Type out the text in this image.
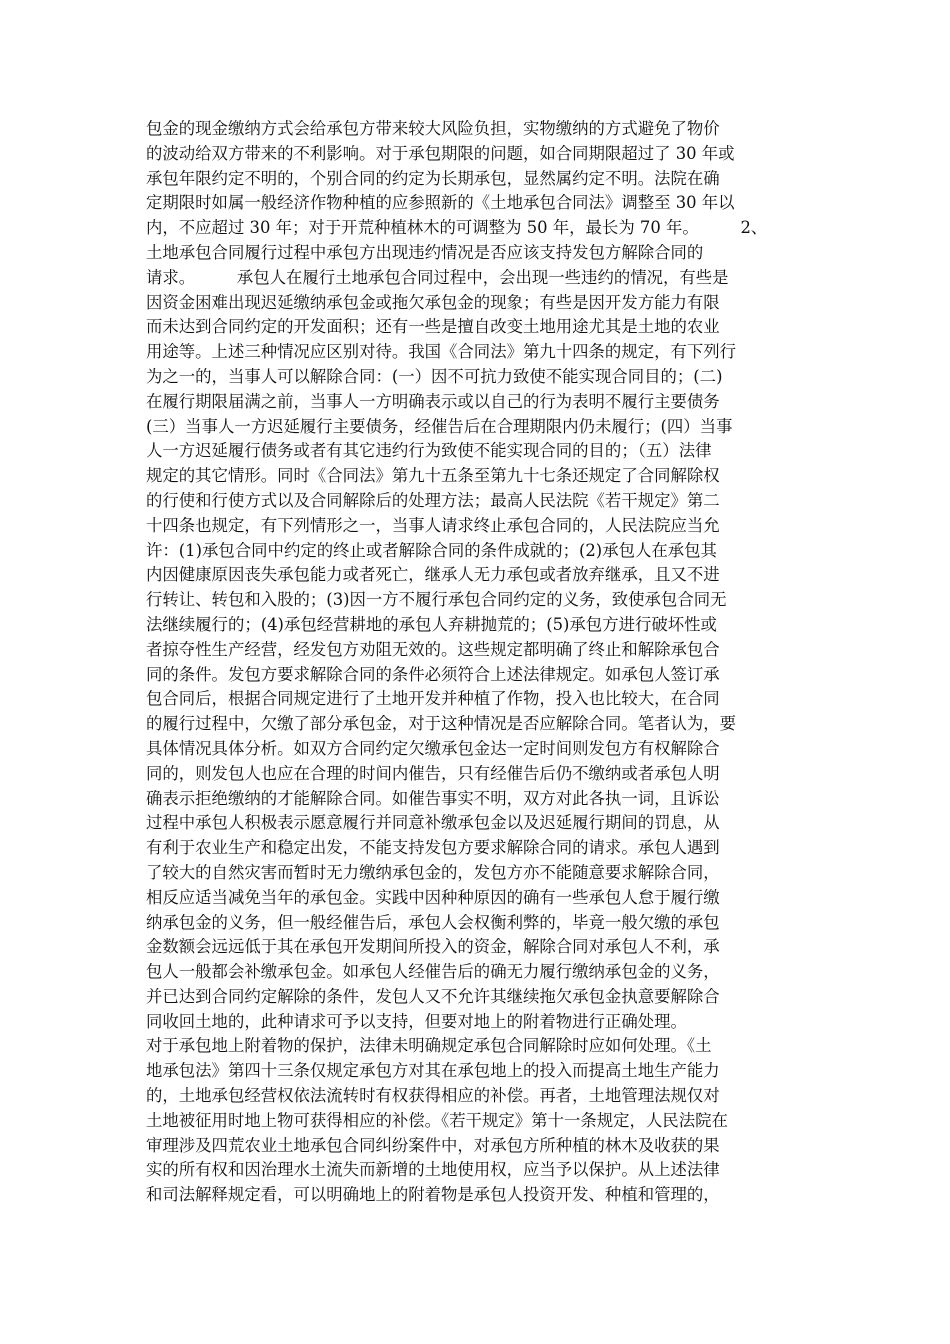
包金的现金缴纳方式会给承包方带来较大风险负担，实物缴纳的方式避免了物价
的波动给双方带来的不利影响。对于承包期限的问题，如合同期限超过了 30 年或
承包年限约定不明的，个别合同的约定为长期承包，显然属约定不明。法院在确
定期限时如属一般经济作物种植的应参照新的《土地承包合同法》调整至 30 年以
内，不应超过 30 年；对于开荒种植林木的可调整为 50 年，最长为 70 年。        2、
土地承包合同履行过程中承包方出现违约情况是否应该支持发包方解除合同的
请求。        承包人在履行土地承包合同过程中，会出现一些违约的情况，有些是
因资金困难出现迟延缴纳承包金或拖欠承包金的现象；有些是因开发方能力有限
而未达到合同约定的开发面积；还有一些是擅自改变土地用途尤其是土地的农业
用途等。上述三种情况应区别对待。我国《合同法》第九十四条的规定，有下列行
为之一的，当事人可以解除合同：(一）因不可抗力致使不能实现合同目的；(二)
在履行期限届满之前，当事人一方明确表示或以自己的行为表明不履行主要债务
(三）当事人一方迟延履行主要债务，经催告后在合理期限内仍未履行；(四）当事
人一方迟延履行债务或者有其它违约行为致使不能实现合同的目的；（五）法律
规定的其它情形。同时《合同法》第九十五条至第九十七条还规定了合同解除权
的行使和行使方式以及合同解除后的处理方法；最高人民法院《若干规定》第二
十四条也规定，有下列情形之一，当事人请求终止承包合同的，人民法院应当允
许：(1)承包合同中约定的终止或者解除合同的条件成就的；(2)承包人在承包其
内因健康原因丧失承包能力或者死亡，继承人无力承包或者放弃继承，且又不进
行转让、转包和入股的；(3)因一方不履行承包合同约定的义务，致使承包合同无
法继续履行的；(4)承包经营耕地的承包人弃耕抛荒的；(5)承包方进行破坏性或
者掠夺性生产经营，经发包方劝阻无效的。这些规定都明确了终止和解除承包合
同的条件。发包方要求解除合同的条件必须符合上述法律规定。如承包人签订承
包合同后，根据合同规定进行了土地开发并种植了作物，投入也比较大，在合同
的履行过程中，欠缴了部分承包金，对于这种情况是否应解除合同。笔者认为，要
具体情况具体分析。如双方合同约定欠缴承包金达一定时间则发包方有权解除合
同的，则发包人也应在合理的时间内催告，只有经催告后仍不缴纳或者承包人明
确表示拒绝缴纳的才能解除合同。如催告事实不明，双方对此各执一词，且诉讼
过程中承包人积极表示愿意履行并同意补缴承包金以及迟延履行期间的罚息，从
有利于农业生产和稳定出发，不能支持发包方要求解除合同的请求。承包人遇到
了较大的自然灾害而暂时无力缴纳承包金的，发包方亦不能随意要求解除合同，
相反应适当减免当年的承包金。实践中因种种原因的确有一些承包人怠于履行缴
纳承包金的义务，但一般经催告后，承包人会权衡利弊的，毕竟一般欠缴的承包
金数额会远远低于其在承包开发期间所投入的资金，解除合同对承包人不利，承
包人一般都会补缴承包金。如承包人经催告后的确无力履行缴纳承包金的义务，
并已达到合同约定解除的条件，发包人又不允许其继续拖欠承包金执意要解除合
同收回土地的，此种请求可予以支持，但要对地上的附着物进行正确处理。
对于承包地上附着物的保护，法律未明确规定承包合同解除时应如何处理。《土
地承包法》第四十三条仅规定承包方对其在承包地上的投入而提高土地生产能力
的，土地承包经营权依法流转时有权获得相应的补偿。再者，土地管理法规仅对
土地被征用时地上物可获得相应的补偿。《若干规定》第十一条规定，人民法院在
审理涉及四荒农业土地承包合同纠纷案件中，对承包方所种植的林木及收获的果
实的所有权和因治理水土流失而新增的土地使用权，应当予以保护。从上述法律
和司法解释规定看，可以明确地上的附着物是承包人投资开发、种植和管理的，
